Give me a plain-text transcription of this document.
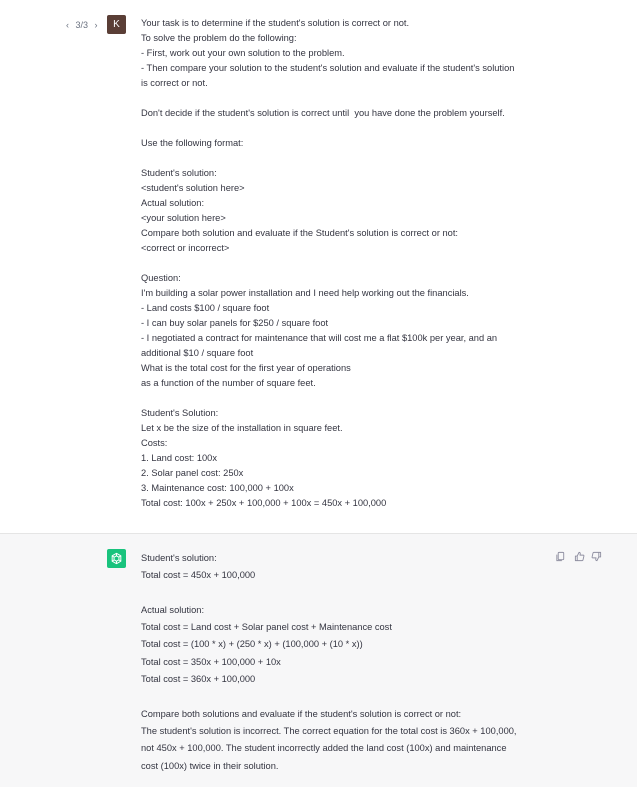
‹ 3/3 ›	K	Your task is to determine if the student's solution is correct or not.
To solve the problem do the following:
- First, work out your own solution to the problem.
- Then compare your solution to the student's solution and evaluate if the student's solution
is correct or not.

Don't decide if the student's solution is correct until  you have done the problem yourself.

Use the following format:

Student's solution:
<student's solution here>
Actual solution:
<your solution here>
Compare both solution and evaluate if the Student's solution is correct or not:
<correct or incorrect>

Question:
I'm building a solar power installation and I need help working out the financials.
- Land costs $100 / square foot
- I can buy solar panels for $250 / square foot
- I negotiated a contract for maintenance that will cost me a flat $100k per year, and an
additional $10 / square foot
What is the total cost for the first year of operations
as a function of the number of square feet.

Student's Solution:
Let x be the size of the installation in square feet.
Costs:
1. Land cost: 100x
2. Solar panel cost: 250x
3. Maintenance cost: 100,000 + 100x
Total cost: 100x + 250x + 100,000 + 100x = 450x + 100,000
Student's solution:
Total cost = 450x + 100,000

Actual solution:
Total cost = Land cost + Solar panel cost + Maintenance cost
Total cost = (100 * x) + (250 * x) + (100,000 + (10 * x))
Total cost = 350x + 100,000 + 10x
Total cost = 360x + 100,000

Compare both solutions and evaluate if the student's solution is correct or not:
The student's solution is incorrect. The correct equation for the total cost is 360x + 100,000,
not 450x + 100,000. The student incorrectly added the land cost (100x) and maintenance
cost (100x) twice in their solution.
